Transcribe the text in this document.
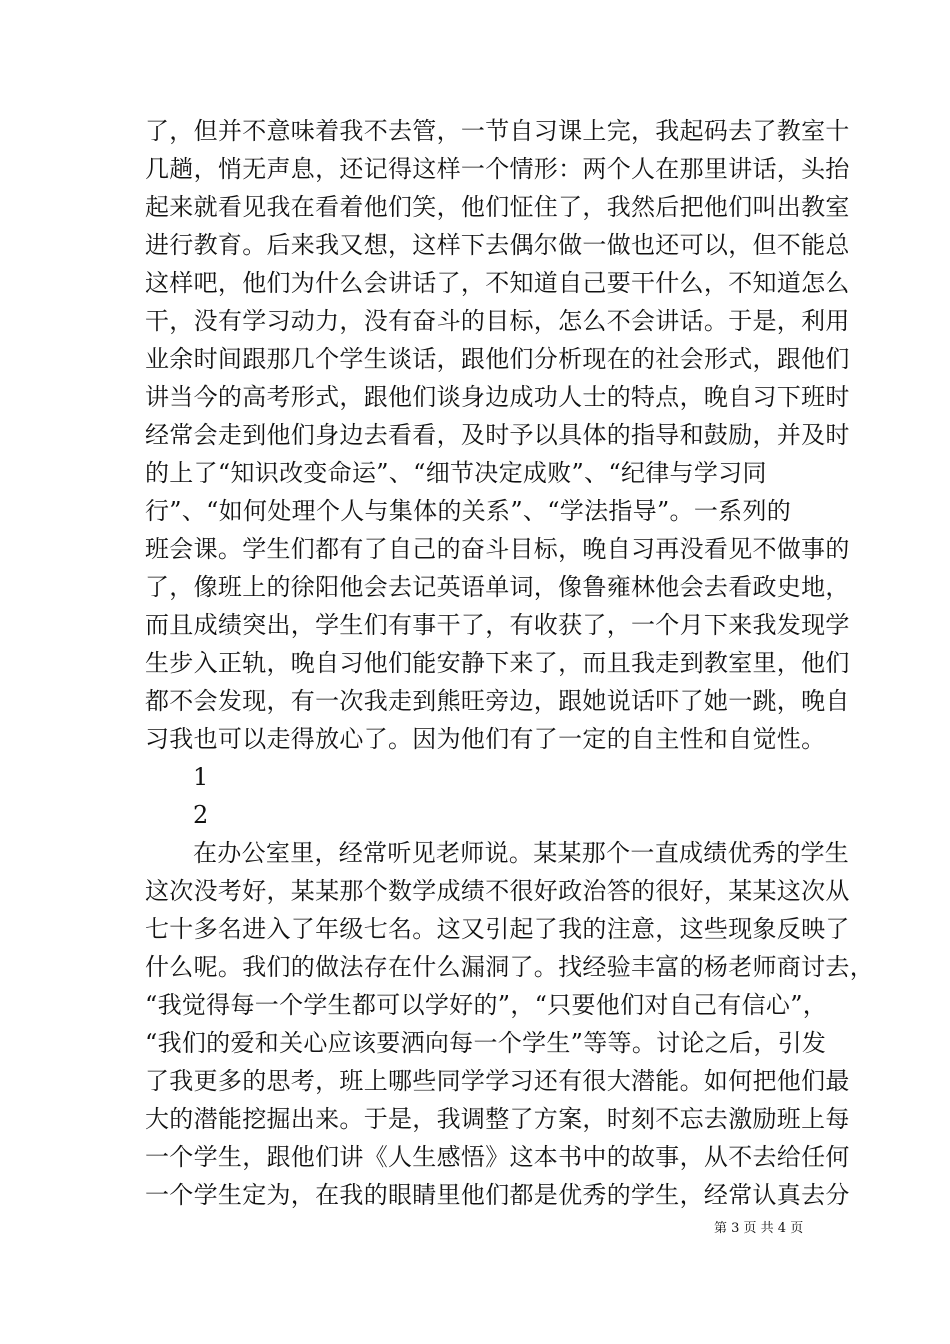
了，但并不意味着我不去管，一节自习课上完，我起码去了教室十
几趟，悄无声息，还记得这样一个情形：两个人在那里讲话，头抬
起来就看见我在看着他们笑，他们怔住了，我然后把他们叫出教室
进行教育。后来我又想，这样下去偶尔做一做也还可以，但不能总
这样吧，他们为什么会讲话了，不知道自己要干什么，不知道怎么
干，没有学习动力，没有奋斗的目标，怎么不会讲话。于是，利用
业余时间跟那几个学生谈话，跟他们分析现在的社会形式，跟他们
讲当今的高考形式，跟他们谈身边成功人士的特点，晚自习下班时
经常会走到他们身边去看看，及时予以具体的指导和鼓励，并及时
的上了“知识改变命运”、“细节决定成败”、“纪律与学习同
行”、“如何处理个人与集体的关系”、“学法指导”。一系列的
班会课。学生们都有了自己的奋斗目标，晚自习再没看见不做事的
了，像班上的徐阳他会去记英语单词，像鲁雍林他会去看政史地，
而且成绩突出，学生们有事干了，有收获了，一个月下来我发现学
生步入正轨，晚自习他们能安静下来了，而且我走到教室里，他们
都不会发现，有一次我走到熊旺旁边，跟她说话吓了她一跳，晚自
习我也可以走得放心了。因为他们有了一定的自主性和自觉性。
1
2
在办公室里，经常听见老师说。某某那个一直成绩优秀的学生
这次没考好，某某那个数学成绩不很好政治答的很好，某某这次从
七十多名进入了年级七名。这又引起了我的注意，这些现象反映了
什么呢。我们的做法存在什么漏洞了。找经验丰富的杨老师商讨去，
“我觉得每一个学生都可以学好的”，“只要他们对自己有信心”，
“我们的爱和关心应该要洒向每一个学生”等等。讨论之后，引发
了我更多的思考，班上哪些同学学习还有很大潜能。如何把他们最
大的潜能挖掘出来。于是，我调整了方案，时刻不忘去激励班上每
一个学生，跟他们讲《人生感悟》这本书中的故事，从不去给任何
一个学生定为，在我的眼睛里他们都是优秀的学生，经常认真去分
第 3 页 共 4 页
